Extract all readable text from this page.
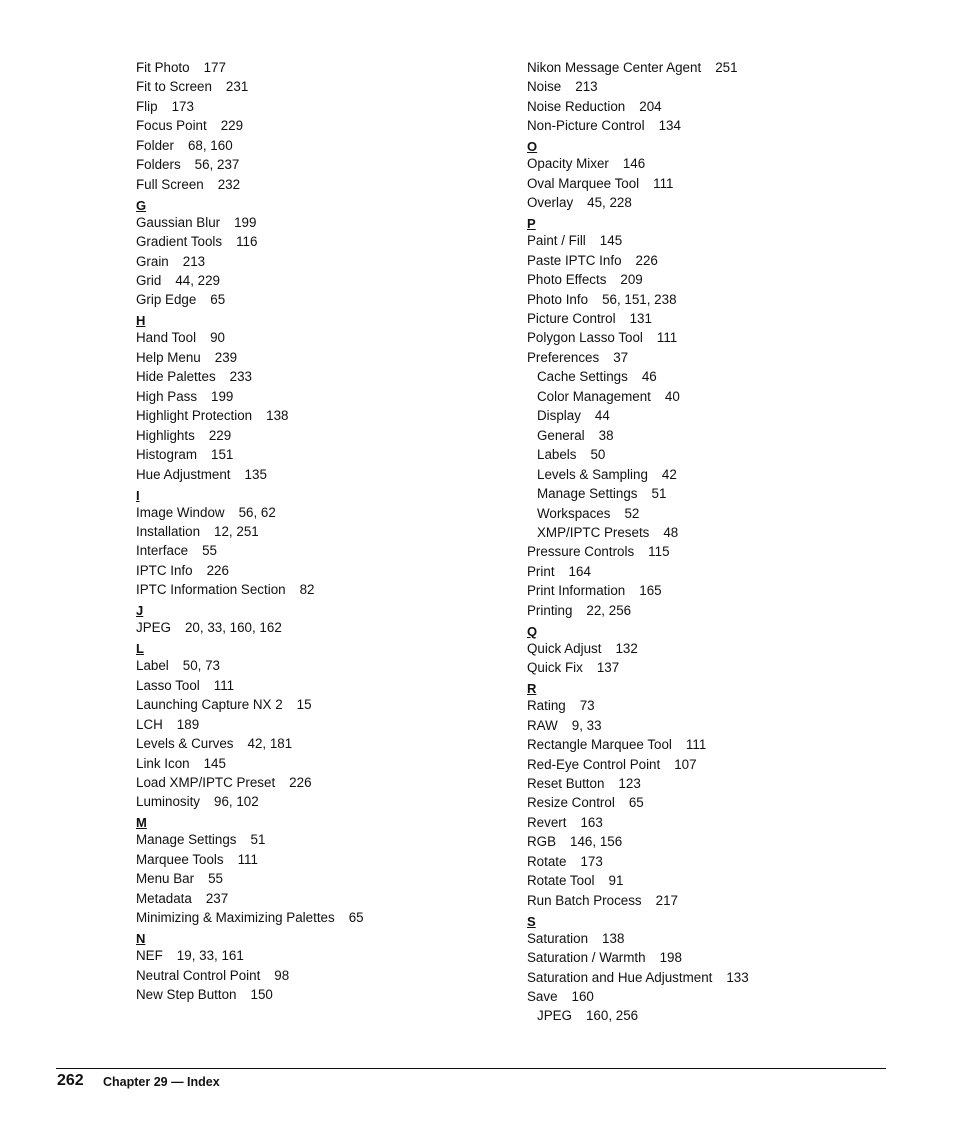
Fit Photo 177
Fit to Screen 231
Flip 173
Focus Point 229
Folder 68, 160
Folders 56, 237
Full Screen 232
G
Gaussian Blur 199
Gradient Tools 116
Grain 213
Grid 44, 229
Grip Edge 65
H
Hand Tool 90
Help Menu 239
Hide Palettes 233
High Pass 199
Highlight Protection 138
Highlights 229
Histogram 151
Hue Adjustment 135
I
Image Window 56, 62
Installation 12, 251
Interface 55
IPTC Info 226
IPTC Information Section 82
J
JPEG 20, 33, 160, 162
L
Label 50, 73
Lasso Tool 111
Launching Capture NX 2 15
LCH 189
Levels & Curves 42, 181
Link Icon 145
Load XMP/IPTC Preset 226
Luminosity 96, 102
M
Manage Settings 51
Marquee Tools 111
Menu Bar 55
Metadata 237
Minimizing & Maximizing Palettes 65
N
NEF 19, 33, 161
Neutral Control Point 98
New Step Button 150
Nikon Message Center Agent 251
Noise 213
Noise Reduction 204
Non-Picture Control 134
O
Opacity Mixer 146
Oval Marquee Tool 111
Overlay 45, 228
P
Paint / Fill 145
Paste IPTC Info 226
Photo Effects 209
Photo Info 56, 151, 238
Picture Control 131
Polygon Lasso Tool 111
Preferences 37
Cache Settings 46
Color Management 40
Display 44
General 38
Labels 50
Levels & Sampling 42
Manage Settings 51
Workspaces 52
XMP/IPTC Presets 48
Pressure Controls 115
Print 164
Print Information 165
Printing 22, 256
Q
Quick Adjust 132
Quick Fix 137
R
Rating 73
RAW 9, 33
Rectangle Marquee Tool 111
Red-Eye Control Point 107
Reset Button 123
Resize Control 65
Revert 163
RGB 146, 156
Rotate 173
Rotate Tool 91
Run Batch Process 217
S
Saturation 138
Saturation / Warmth 198
Saturation and Hue Adjustment 133
Save 160
JPEG 160, 256
262 Chapter 29 — Index
